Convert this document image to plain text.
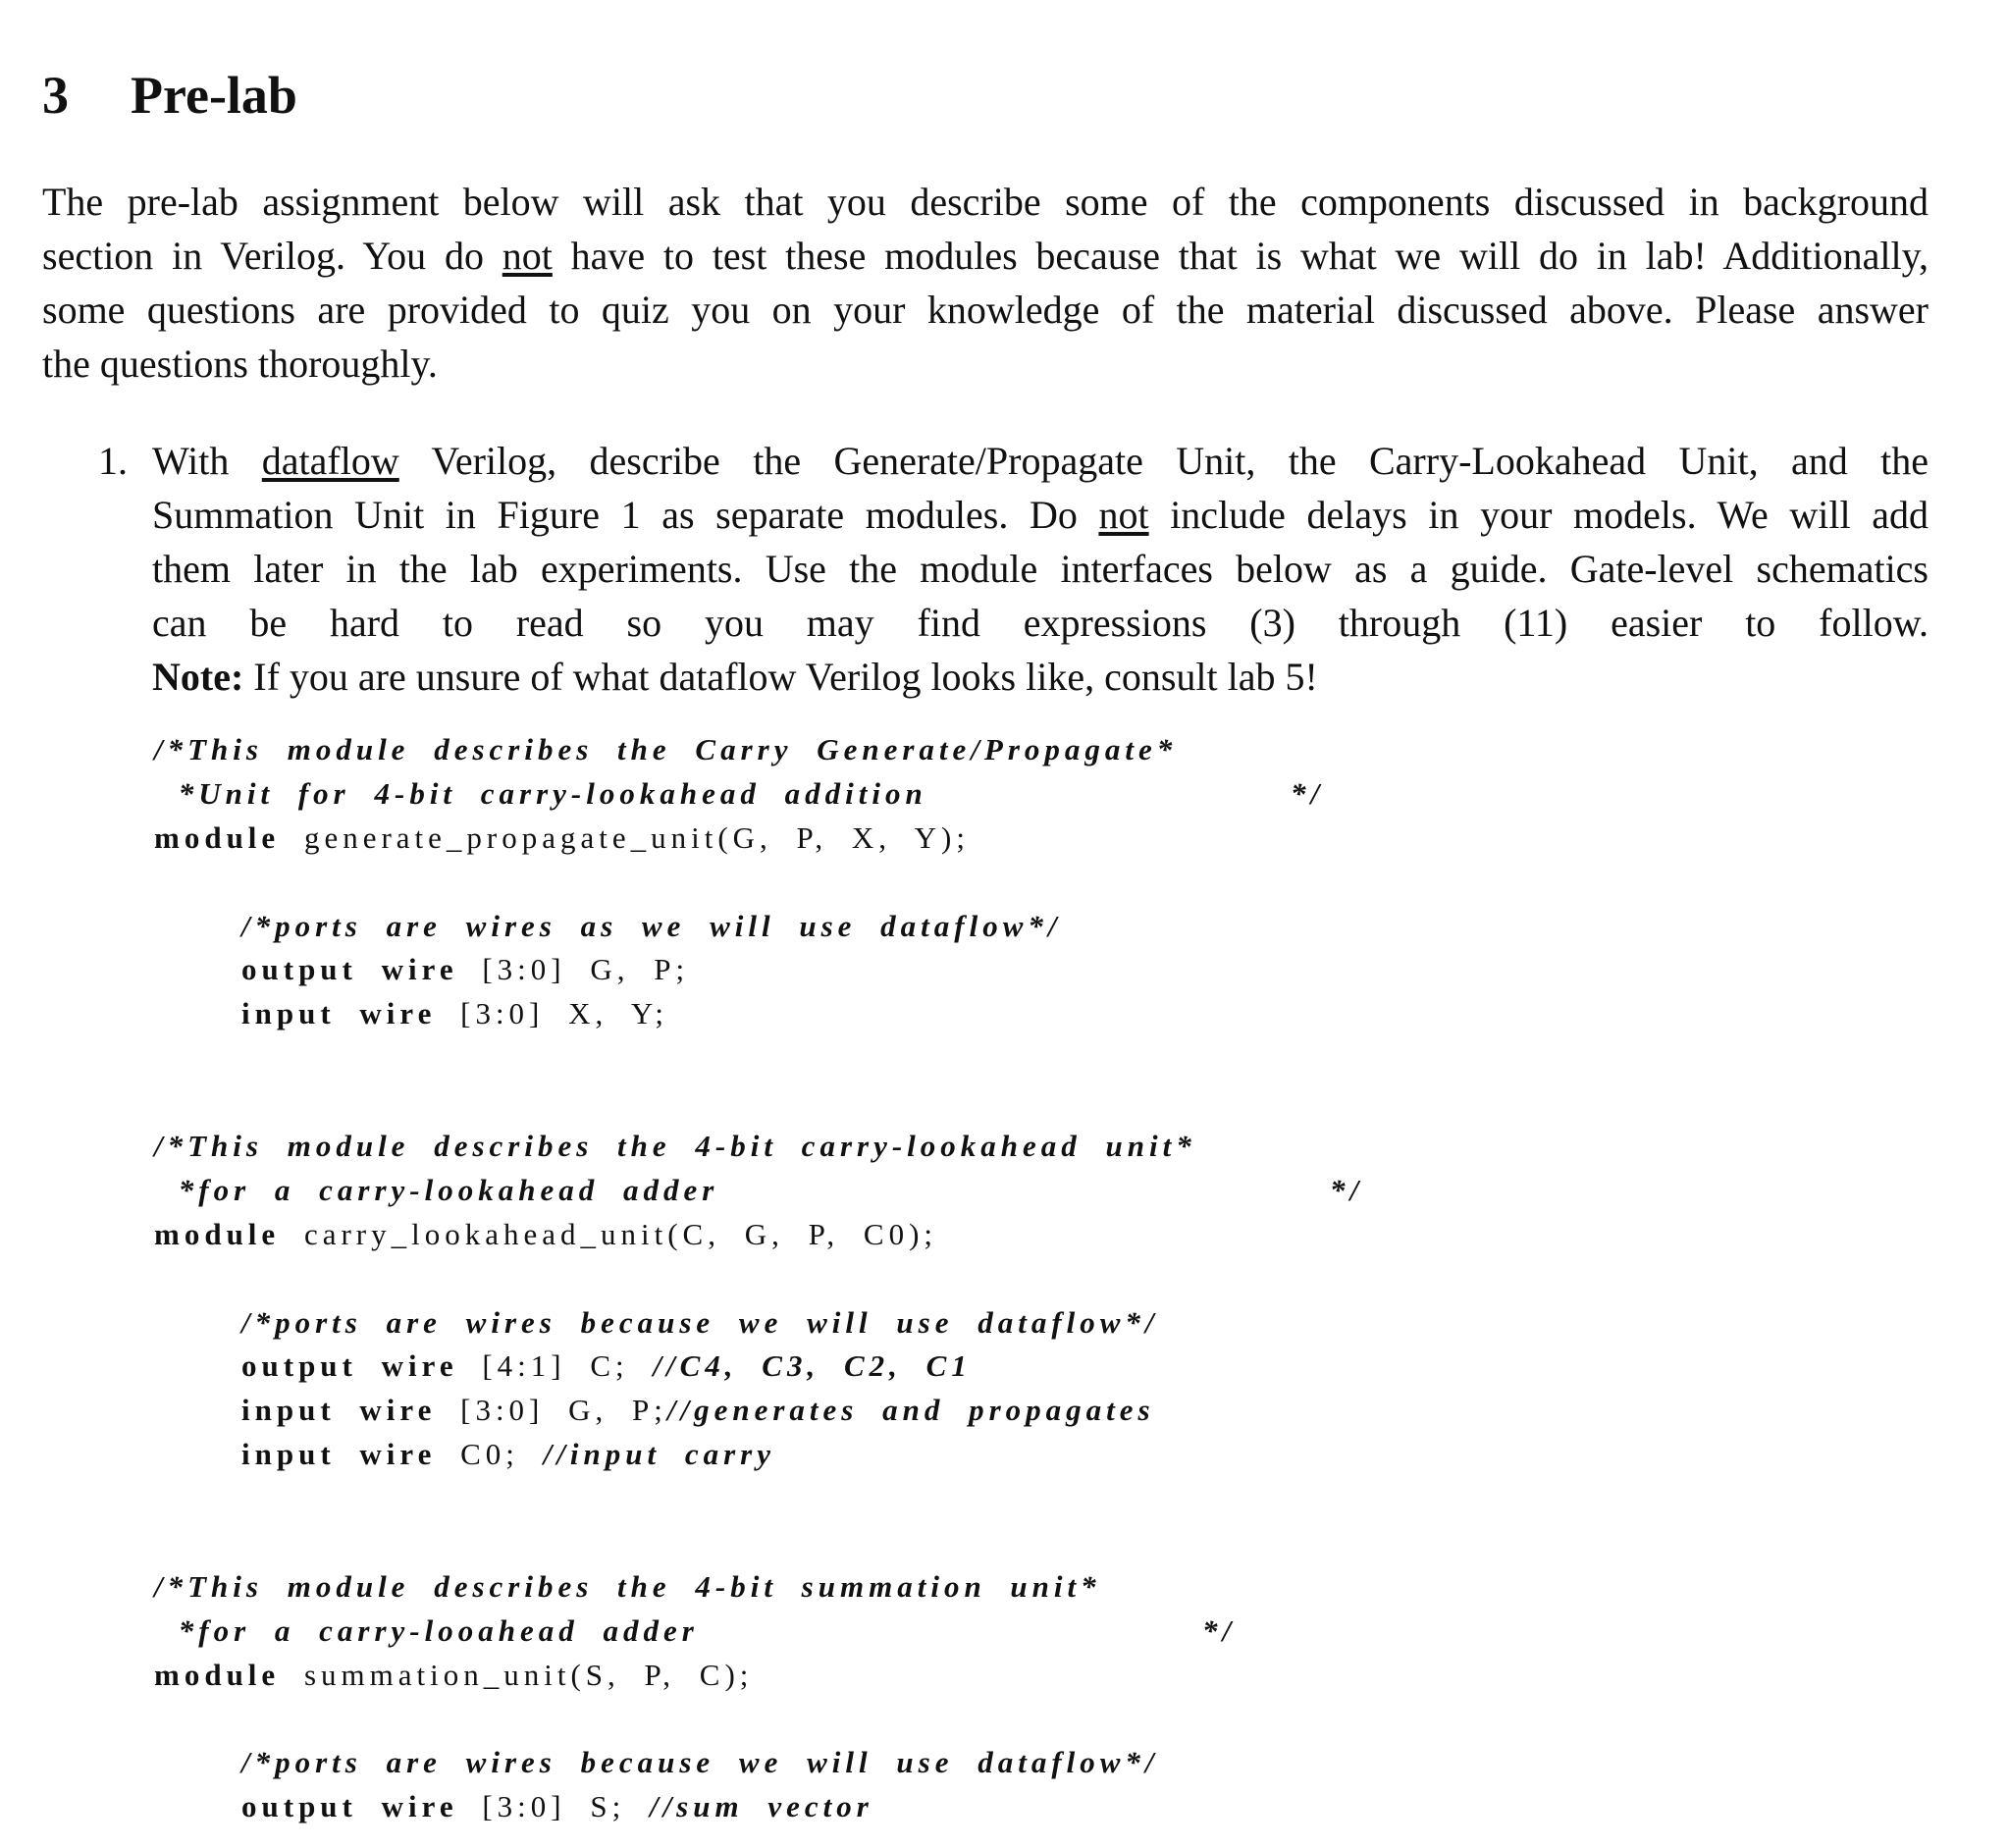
3 Pre-lab
The pre-lab assignment below will ask that you describe some of the components discussed in background
section in Verilog. You do not have to test these modules because that is what we will do in lab! Additionally,
some questions are provided to quiz you on your knowledge of the material discussed above. Please answer
the questions thoroughly.
1. With dataflow Verilog, describe the Generate/Propagate Unit, the Carry-Lookahead Unit, and the
Summation Unit in Figure 1 as separate modules. Do not include delays in your models. We will add
them later in the lab experiments. Use the module interfaces below as a guide. Gate-level schematics
can be hard to read so you may find expressions (3) through (11) easier to follow.
Note: If you are unsure of what dataflow Verilog looks like, consult lab 5!
/*This module describes the Carry Generate/Propagate*
*Unit for 4-bit carry-lookahead addition	*/
module generate_propagate_unit(G, P, X, Y);
/*ports are wires as we will use dataflow*/
output wire [3:0] G, P;
input wire [3:0] X, Y;
/*This module describes the 4-bit carry-lookahead unit*
*for a carry-lookahead adder	*/
module carry_lookahead_unit(C, G, P, C0);
/*ports are wires because we will use dataflow*/
output wire [4:1] C; //C4, C3, C2, C1
input wire [3:0] G, P;//generates and propagates
input wire C0; //input carry
/*This module describes the 4-bit summation unit*
*for a carry-looahead adder	*/
module summation_unit(S, P, C);
/*ports are wires because we will use dataflow*/
output wire [3:0] S; //sum vector
